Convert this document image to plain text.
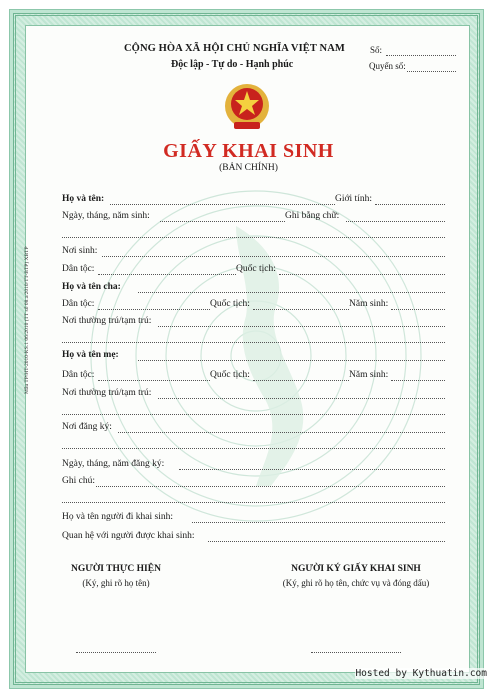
CỘNG HÒA XÃ HỘI CHỦ NGHĨA VIỆT NAM
Độc lập - Tự do - Hạnh phúc
Số:
Quyển số:
GIẤY KHAI SINH
(BẢN CHÍNH)
Mẫu TP/HT-2010-KS.1 06/2010 (TT số 08.a/2010/TT-BTP) XBTP
Họ và tên:	Giới tính:
Ngày, tháng, năm sinh:	Ghi bằng chữ:
Nơi sinh:
Dân tộc:	Quốc tịch:
Họ và tên cha:
Dân tộc:	Quốc tịch:	Năm sinh:
Nơi thường trú/tạm trú:
Họ và tên mẹ:
Dân tộc:	Quốc tịch:	Năm sinh:
Nơi thường trú/tạm trú:
Nơi đăng ký:
Ngày, tháng, năm đăng ký:
Ghi chú:
Họ và tên người đi khai sinh:
Quan hệ với người được khai sinh:
NGƯỜI THỰC HIỆN
(Ký, ghi rõ họ tên)
NGƯỜI KÝ GIẤY KHAI SINH
(Ký, ghi rõ họ tên, chức vụ và đóng dấu)
Hosted by Kythuatin.com
